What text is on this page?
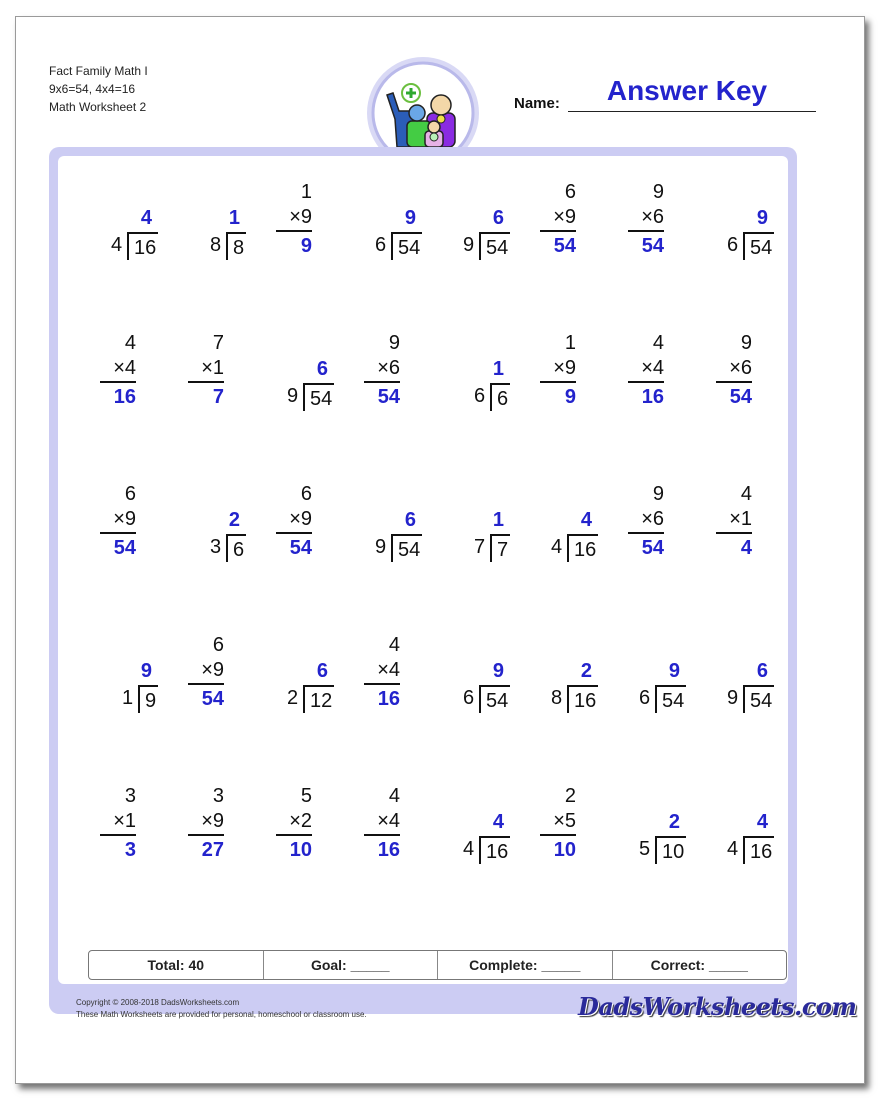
Fact Family Math I
9x6=54, 4x4=16
Math Worksheet 2	Name:	Answer Key
4
16
4
1
8
8
1
×9
9
9
54
6
6
54
9
6
×9
54
9
×6
54
9
54
6
4
×4
16
7
×1
7
6
54
9
9
×6
54
1
6
6
1
×9
9
4
×4
16
9
×6
54
6
×9
54
2
6
3
6
×9
54
6
54
9
1
7
7
4
16
4
9
×6
54
4
×1
4
9
9
1
6
×9
54
6
12
2
4
×4
16
9
54
6
2
16
8
9
54
6
6
54
9
3
×1
3
3
×9
27
5
×2
10
4
×4
16
4
16
4
2
×5
10
2
10
5
4
16
4
Total: 40	Goal: _____	Complete: _____	Correct: _____
Copyright © 2008-2018 DadsWorksheets.com
These Math Worksheets are provided for personal, homeschool or classroom use.	DadsWorksheets.com
